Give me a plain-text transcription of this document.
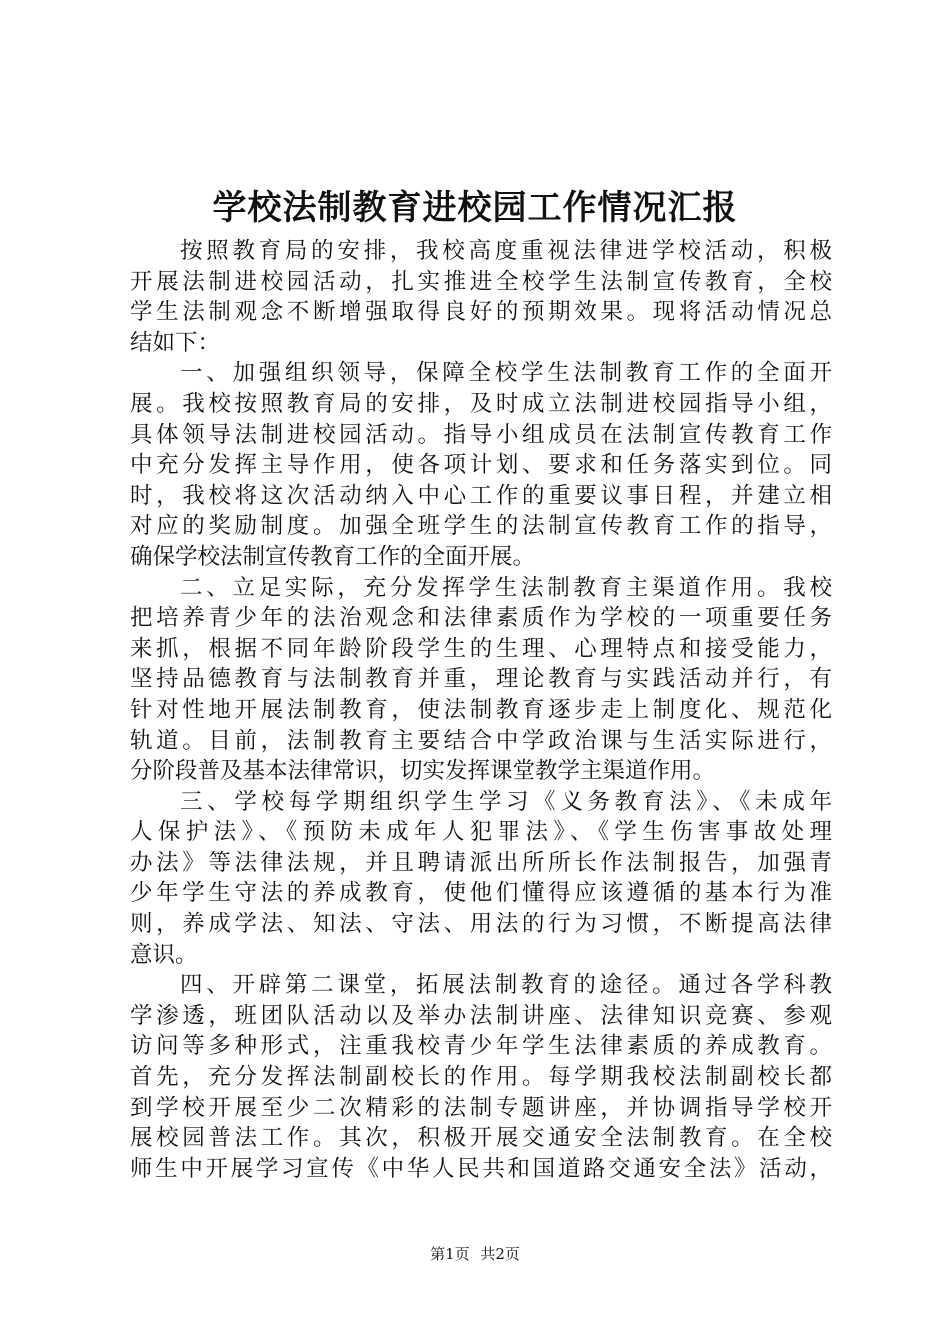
学校法制教育进校园工作情况汇报
按照教育局的安排，我校高度重视法律进学校活动，积极
开展法制进校园活动，扎实推进全校学生法制宣传教育，全校
学生法制观念不断增强取得良好的预期效果。现将活动情况总
结如下：
一、加强组织领导，保障全校学生法制教育工作的全面开
展。我校按照教育局的安排，及时成立法制进校园指导小组，
具体领导法制进校园活动。指导小组成员在法制宣传教育工作
中充分发挥主导作用，使各项计划、要求和任务落实到位。同
时，我校将这次活动纳入中心工作的重要议事日程，并建立相
对应的奖励制度。加强全班学生的法制宣传教育工作的指导，
确保学校法制宣传教育工作的全面开展。
二、立足实际，充分发挥学生法制教育主渠道作用。我校
把培养青少年的法治观念和法律素质作为学校的一项重要任务
来抓，根据不同年龄阶段学生的生理、心理特点和接受能力，
坚持品德教育与法制教育并重，理论教育与实践活动并行，有
针对性地开展法制教育，使法制教育逐步走上制度化、规范化
轨道。目前，法制教育主要结合中学政治课与生活实际进行，
分阶段普及基本法律常识，切实发挥课堂教学主渠道作用。
三、学校每学期组织学生学习《义务教育法》、《未成年
人保护法》、《预防未成年人犯罪法》、《学生伤害事故处理
办法》等法律法规，并且聘请派出所所长作法制报告，加强青
少年学生守法的养成教育，使他们懂得应该遵循的基本行为准
则，养成学法、知法、守法、用法的行为习惯，不断提高法律
意识。
四、开辟第二课堂，拓展法制教育的途径。通过各学科教
学渗透，班团队活动以及举办法制讲座、法律知识竞赛、参观
访问等多种形式，注重我校青少年学生法律素质的养成教育。
首先，充分发挥法制副校长的作用。每学期我校法制副校长都
到学校开展至少二次精彩的法制专题讲座，并协调指导学校开
展校园普法工作。其次，积极开展交通安全法制教育。在全校
师生中开展学习宣传《中华人民共和国道路交通安全法》活动，
第1页 共2页
